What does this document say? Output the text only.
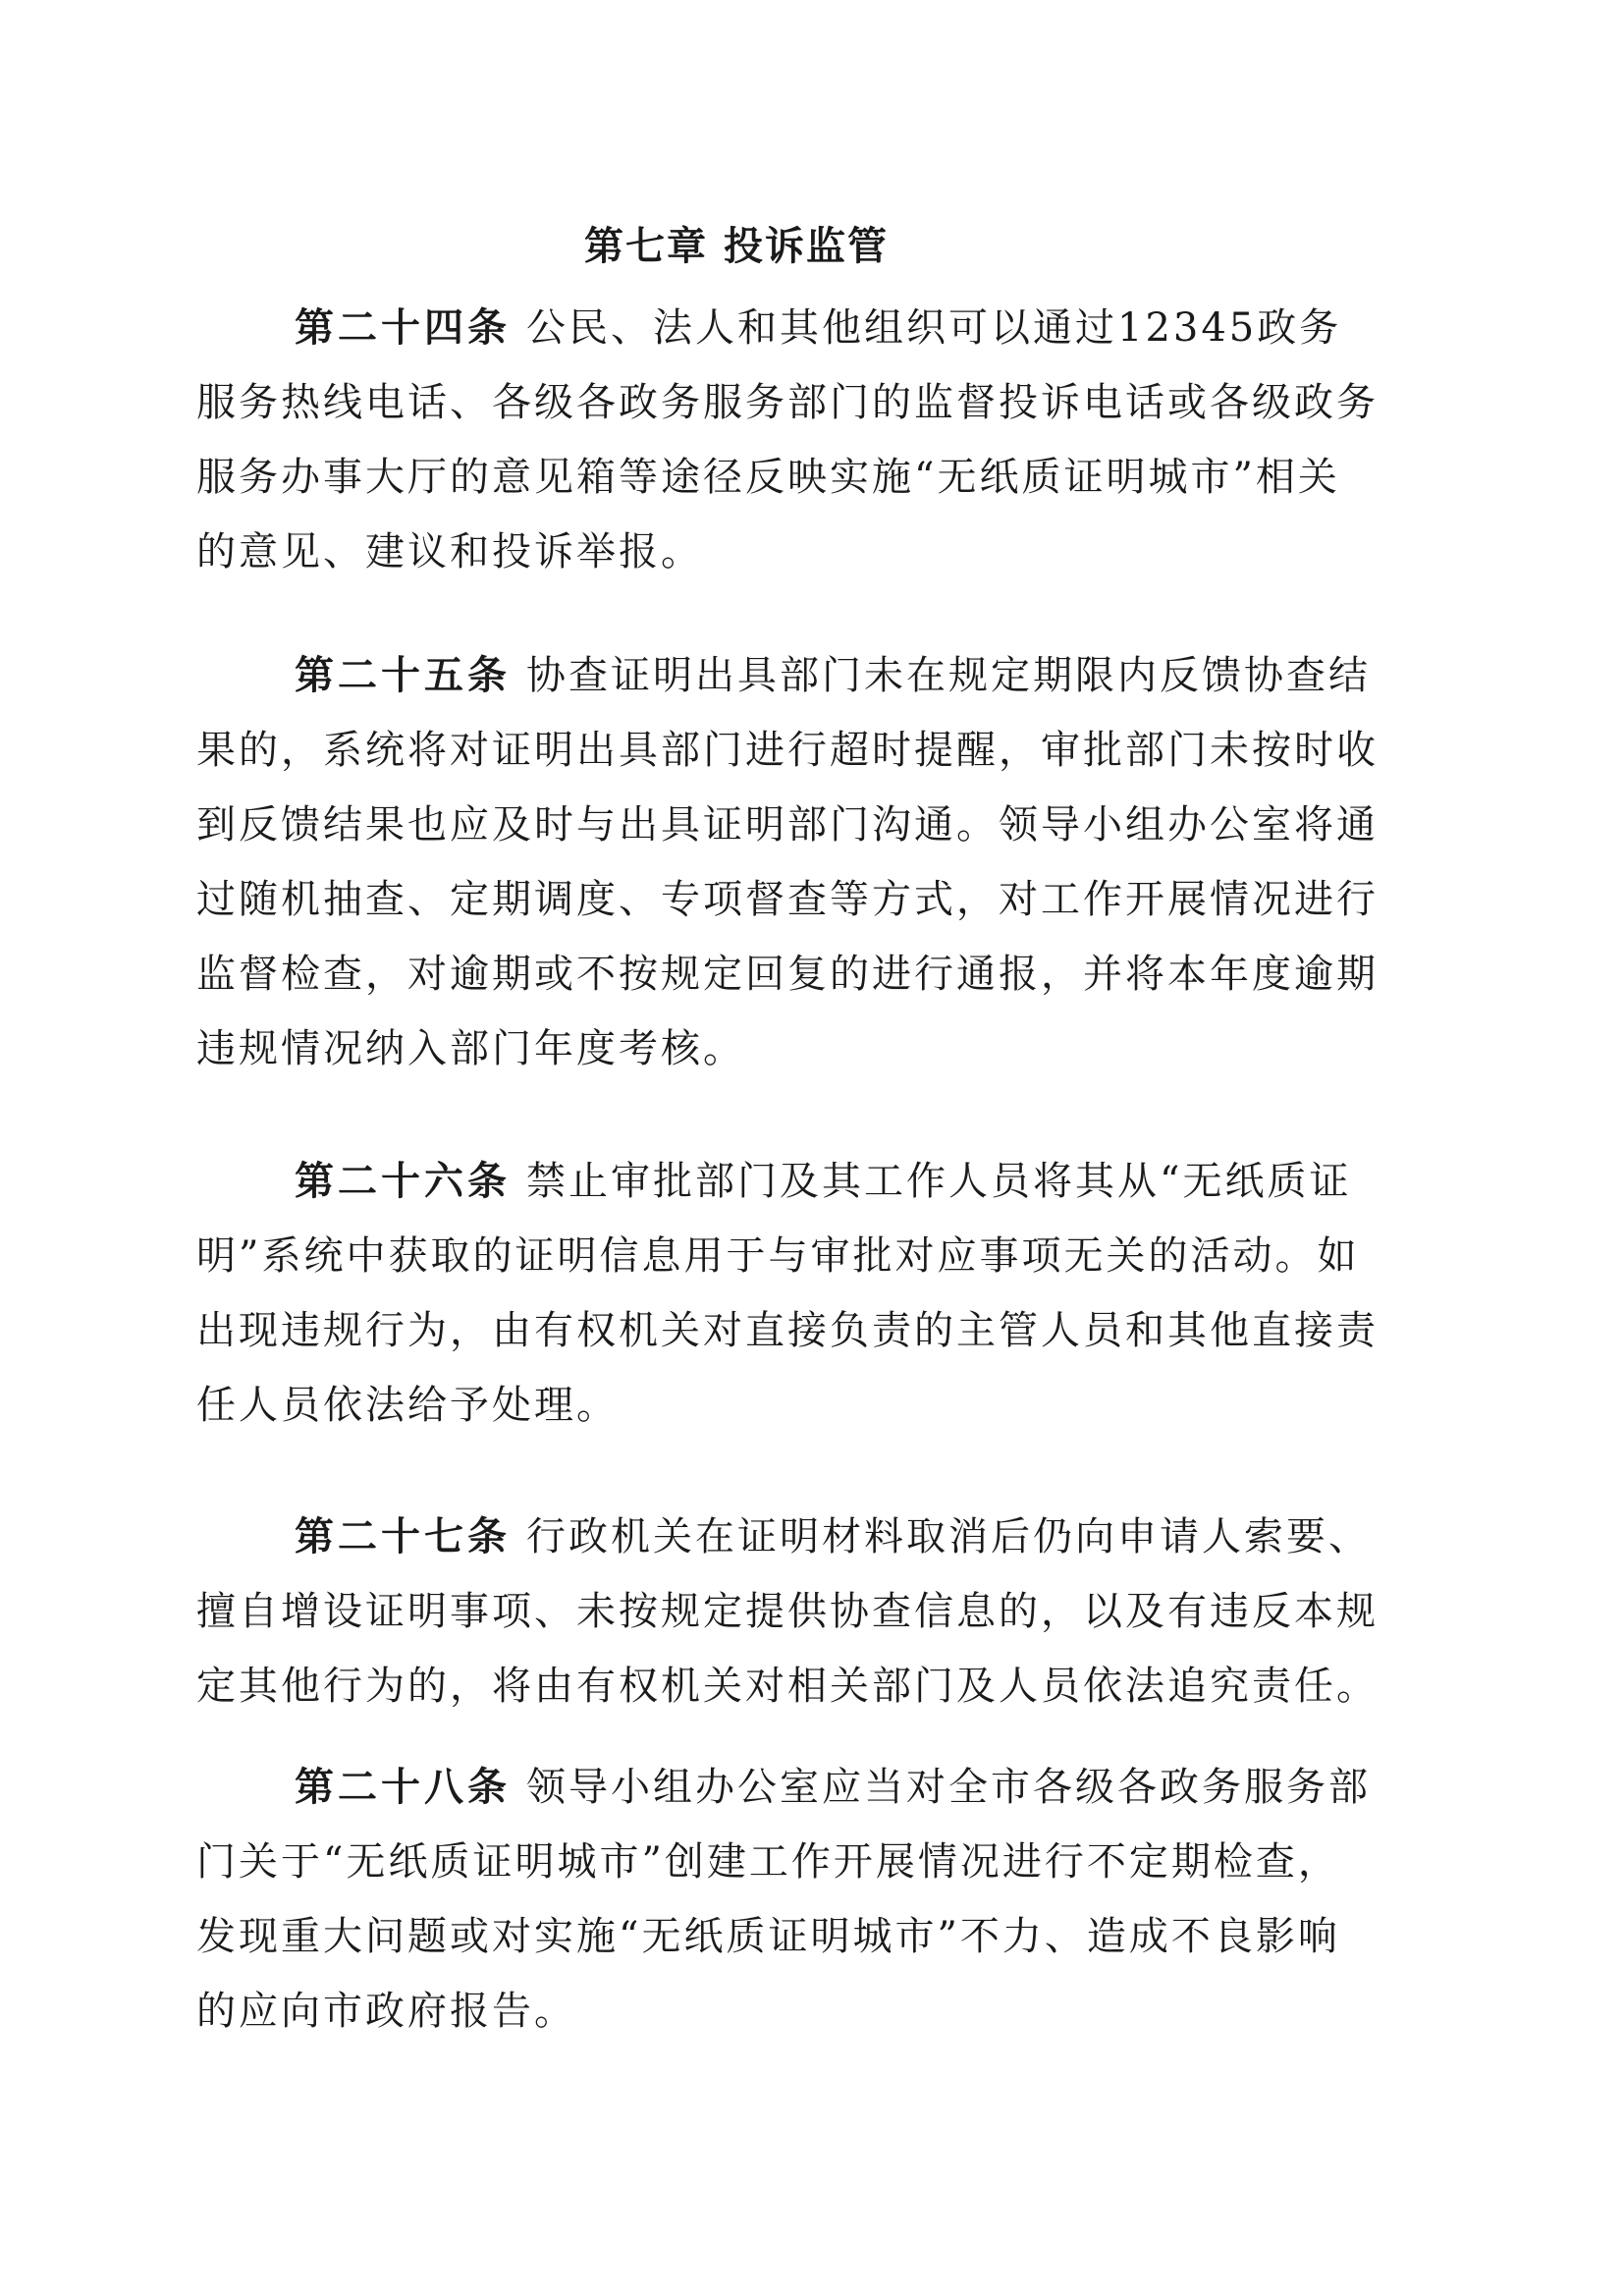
第七章 投诉监管

第二十四条 公民、法人和其他组织可以通过12345政务服务热线电话、各级各政务服务部门的监督投诉电话或各级政务服务办事大厅的意见箱等途径反映实施“无纸质证明城市”相关的意见、建议和投诉举报。

第二十五条 协查证明出具部门未在规定期限内反馈协查结果的，系统将对证明出具部门进行超时提醒，审批部门未按时收到反馈结果也应及时与出具证明部门沟通。领导小组办公室将通过随机抽查、定期调度、专项督查等方式，对工作开展情况进行监督检查，对逾期或不按规定回复的进行通报，并将本年度逾期违规情况纳入部门年度考核。

第二十六条 禁止审批部门及其工作人员将其从“无纸质证明”系统中获取的证明信息用于与审批对应事项无关的活动。如出现违规行为，由有权机关对直接负责的主管人员和其他直接责任人员依法给予处理。

第二十七条 行政机关在证明材料取消后仍向申请人索要、擅自增设证明事项、未按规定提供协查信息的，以及有违反本规定其他行为的，将由有权机关对相关部门及人员依法追究责任。

第二十八条 领导小组办公室应当对全市各级各政务服务部门关于“无纸质证明城市”创建工作开展情况进行不定期检查，发现重大问题或对实施“无纸质证明城市”不力、造成不良影响的应向市政府报告。
